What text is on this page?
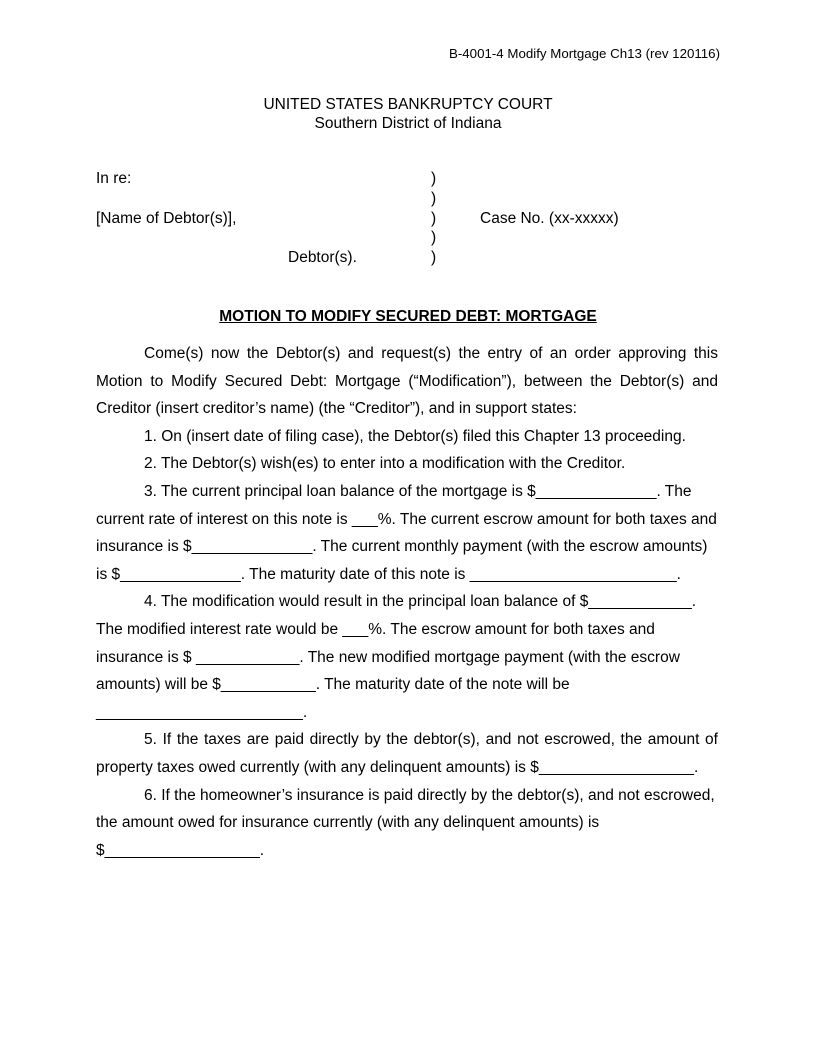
B-4001-4 Modify Mortgage Ch13 (rev 120116)
UNITED STATES BANKRUPTCY COURT
Southern District of Indiana
In re:
[Name of Debtor(s)],
Debtor(s).
Case No. (xx-xxxxx)
)
)
)
)
)
MOTION TO MODIFY SECURED DEBT: MORTGAGE

Come(s) now the Debtor(s) and request(s) the entry of an order approving this Motion to Modify Secured Debt: Mortgage (“Modification”), between the Debtor(s) and Creditor (insert creditor’s name) (the “Creditor”), and in support states:

1. On (insert date of filing case), the Debtor(s) filed this Chapter 13 proceeding.

2. The Debtor(s) wish(es) to enter into a modification with the Creditor.

3. The current principal loan balance of the mortgage is $______________. The current rate of interest on this note is ___%. The current escrow amount for both taxes and insurance is $______________. The current monthly payment (with the escrow amounts) is $______________. The maturity date of this note is ________________________.

4. The modification would result in the principal loan balance of $____________. The modified interest rate would be ___%. The escrow amount for both taxes and insurance is $ ____________. The new modified mortgage payment (with the escrow amounts) will be $___________. The maturity date of the note will be ________________________.

5. If the taxes are paid directly by the debtor(s), and not escrowed, the amount of property taxes owed currently (with any delinquent amounts) is $__________________.

6. If the homeowner’s insurance is paid directly by the debtor(s), and not escrowed, the amount owed for insurance currently (with any delinquent amounts) is $__________________.
